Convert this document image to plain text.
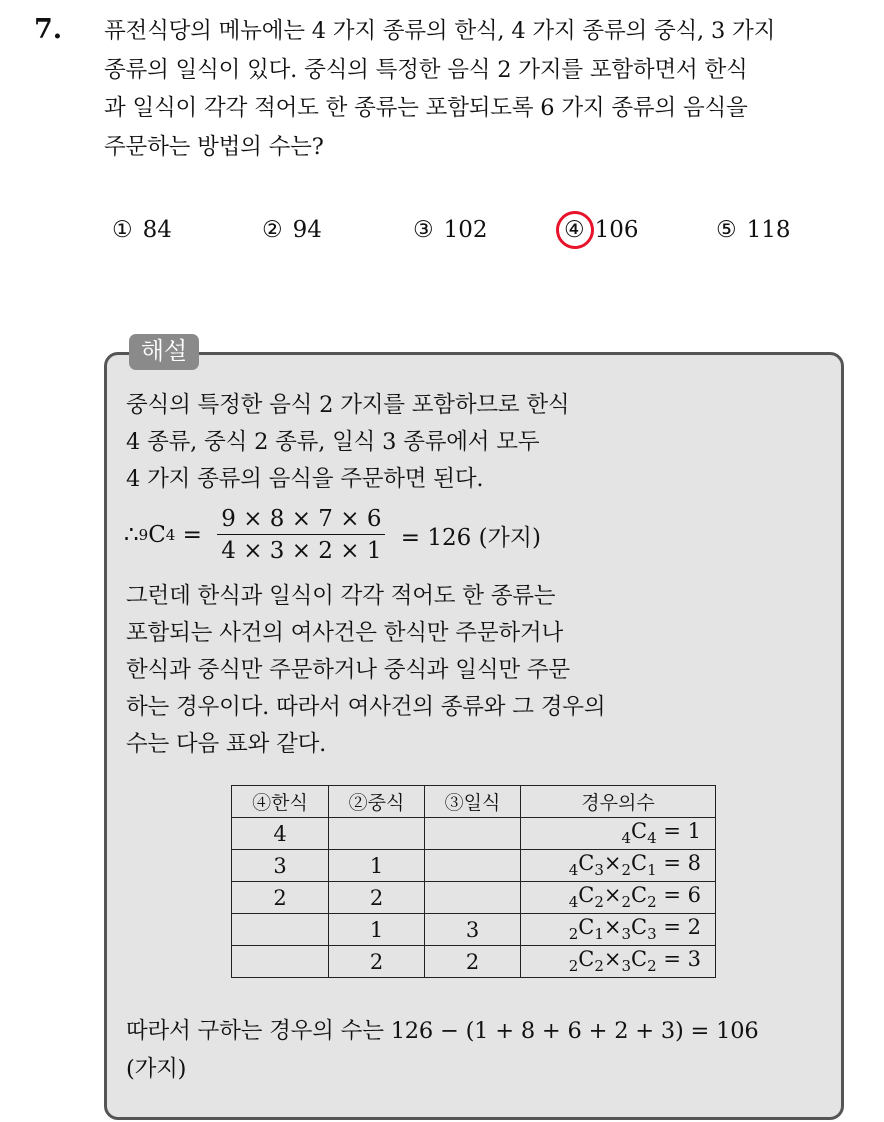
7. 퓨전식당의 메뉴에는 4 가지 종류의 한식, 4 가지 종류의 중식, 3 가지
종류의 일식이 있다. 중식의 특정한 음식 2 가지를 포함하면서 한식
과 일식이 각각 적어도 한 종류는 포함되도록 6 가지 종류의 음식을
주문하는 방법의 수는?
① 84	② 94	③ 102	④ 106	⑤ 118
해설
중식의 특정한 음식 2 가지를 포함하므로 한식
4 종류, 중식 2 종류, 일식 3 종류에서 모두
4 가지 종류의 음식을 주문하면 된다.
∴ 9 C $4 = \frac{9 \times 8 \times 7 \times 6}{4 \times 3 \times 2 \times 1} = 126$ (가지)
그런데 한식과 일식이 각각 적어도 한 종류는
포함되는 사건의 여사건은 한식만 주문하거나
한식과 중식만 주문하거나 중식과 일식만 주문
하는 경우이다. 따라서 여사건의 종류와 그 경우의
수는 다음 표와 같다.
④한식	②중식	③일식	경우의수
4			$_4C_4 = 1$
3	1		$_4C_3\times_2C_1 = 8$
2	2		$_4C_2\times_2C_2 = 6$
	1	3	$_2C_1\times_3C_3 = 2$
	2	2	$_2C_2\times_3C_2 = 3$
따라서 구하는 경우의 수는 126 − (1 + 8 + 6 + 2 + 3) = 106
(가지)
